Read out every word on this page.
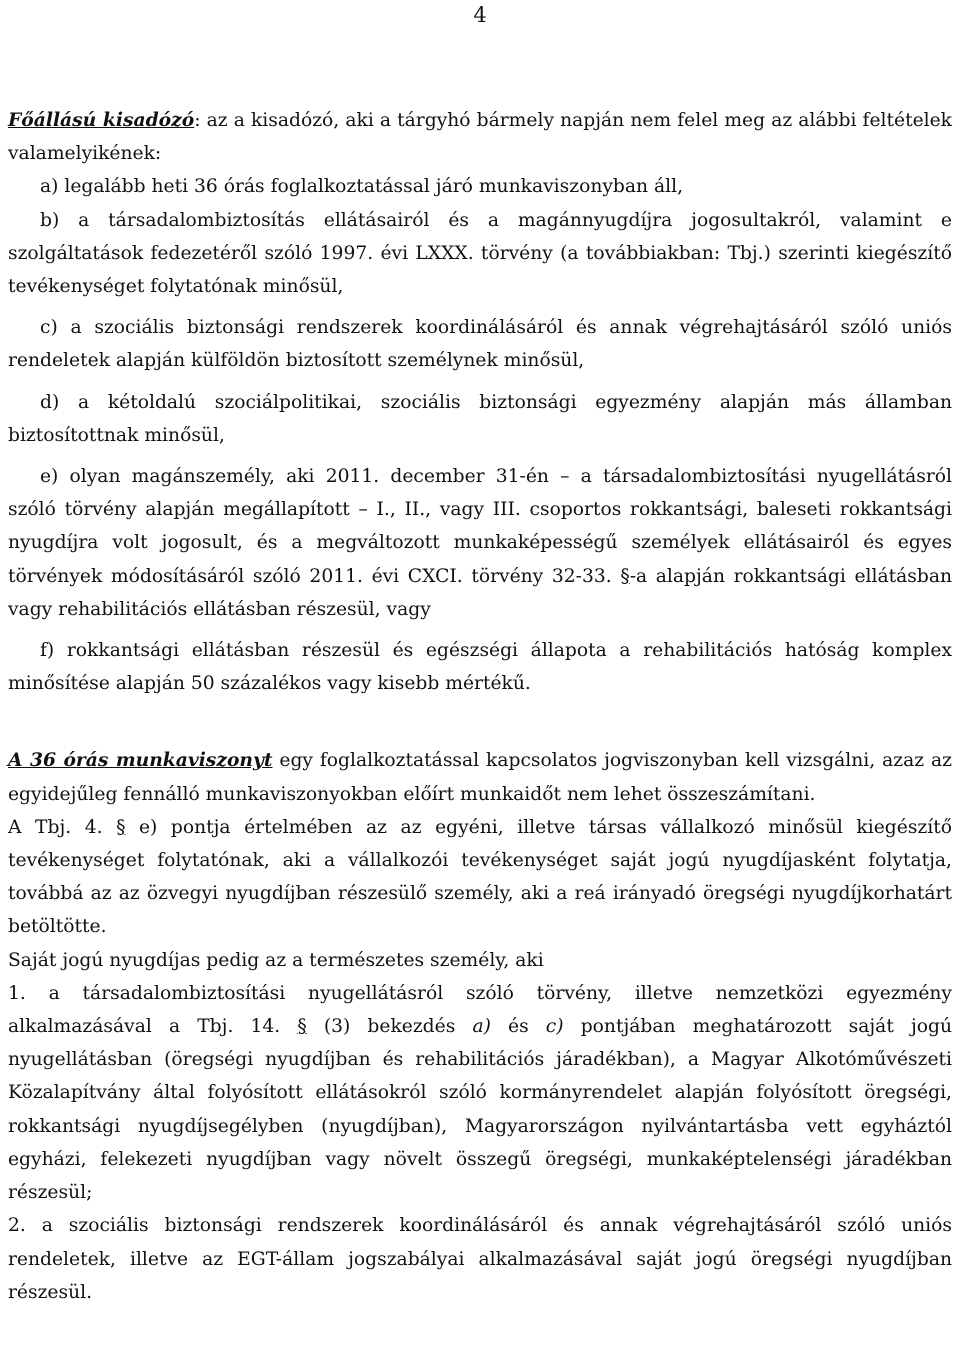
4

Főállású kisadózó: az a kisadózó, aki a tárgyhó bármely napján nem felel meg az alábbi feltételek valamelyikének:

a) legalább heti 36 órás foglalkoztatással járó munkaviszonyban áll,

b) a társadalombiztosítás ellátásairól és a magánnyugdíjra jogosultakról, valamint e szolgáltatások fedezetéről szóló 1997. évi LXXX. törvény (a továbbiakban: Tbj.) szerinti kiegészítő tevékenységet folytatónak minősül,

c) a szociális biztonsági rendszerek koordinálásáról és annak végrehajtásáról szóló uniós rendeletek alapján külföldön biztosított személynek minősül,

d) a kétoldalú szociálpolitikai, szociális biztonsági egyezmény alapján más államban biztosítottnak minősül,

e) olyan magánszemély, aki 2011. december 31-én – a társadalombiztosítási nyugellátásról szóló törvény alapján megállapított – I., II., vagy III. csoportos rokkantsági, baleseti rokkantsági nyugdíjra volt jogosult, és a megváltozott munkaképességű személyek ellátásairól és egyes törvények módosításáról szóló 2011. évi CXCI. törvény 32-33. §-a alapján rokkantsági ellátásban vagy rehabilitációs ellátásban részesül, vagy

f) rokkantsági ellátásban részesül és egészségi állapota a rehabilitációs hatóság komplex minősítése alapján 50 százalékos vagy kisebb mértékű.

A 36 órás munkaviszonyt egy foglalkoztatással kapcsolatos jogviszonyban kell vizsgálni, azaz az egyidejűleg fennálló munkaviszonyokban előírt munkaidőt nem lehet összeszámítani.

A Tbj. 4. § e) pontja értelmében az az egyéni, illetve társas vállalkozó minősül kiegészítő tevékenységet folytatónak, aki a vállalkozói tevékenységet saját jogú nyugdíjasként folytatja, továbbá az az özvegyi nyugdíjban részesülő személy, aki a reá irányadó öregségi nyugdíjkorhatárt betöltötte.

Saját jogú nyugdíjas pedig az a természetes személy, aki

1. a társadalombiztosítási nyugellátásról szóló törvény, illetve nemzetközi egyezmény alkalmazásával a Tbj. 14. § (3) bekezdés a) és c) pontjában meghatározott saját jogú nyugellátásban (öregségi nyugdíjban és rehabilitációs járadékban), a Magyar Alkotóművészeti Közalapítvány által folyósított ellátásokról szóló kormányrendelet alapján folyósított öregségi, rokkantsági nyugdíjsegélyben (nyugdíjban), Magyarországon nyilvántartásba vett egyháztól egyházi, felekezeti nyugdíjban vagy növelt összegű öregségi, munkaképtelenségi járadékban részesül;

2. a szociális biztonsági rendszerek koordinálásáról és annak végrehajtásáról szóló uniós rendeletek, illetve az EGT-állam jogszabályai alkalmazásával saját jogú öregségi nyugdíjban részesül.
